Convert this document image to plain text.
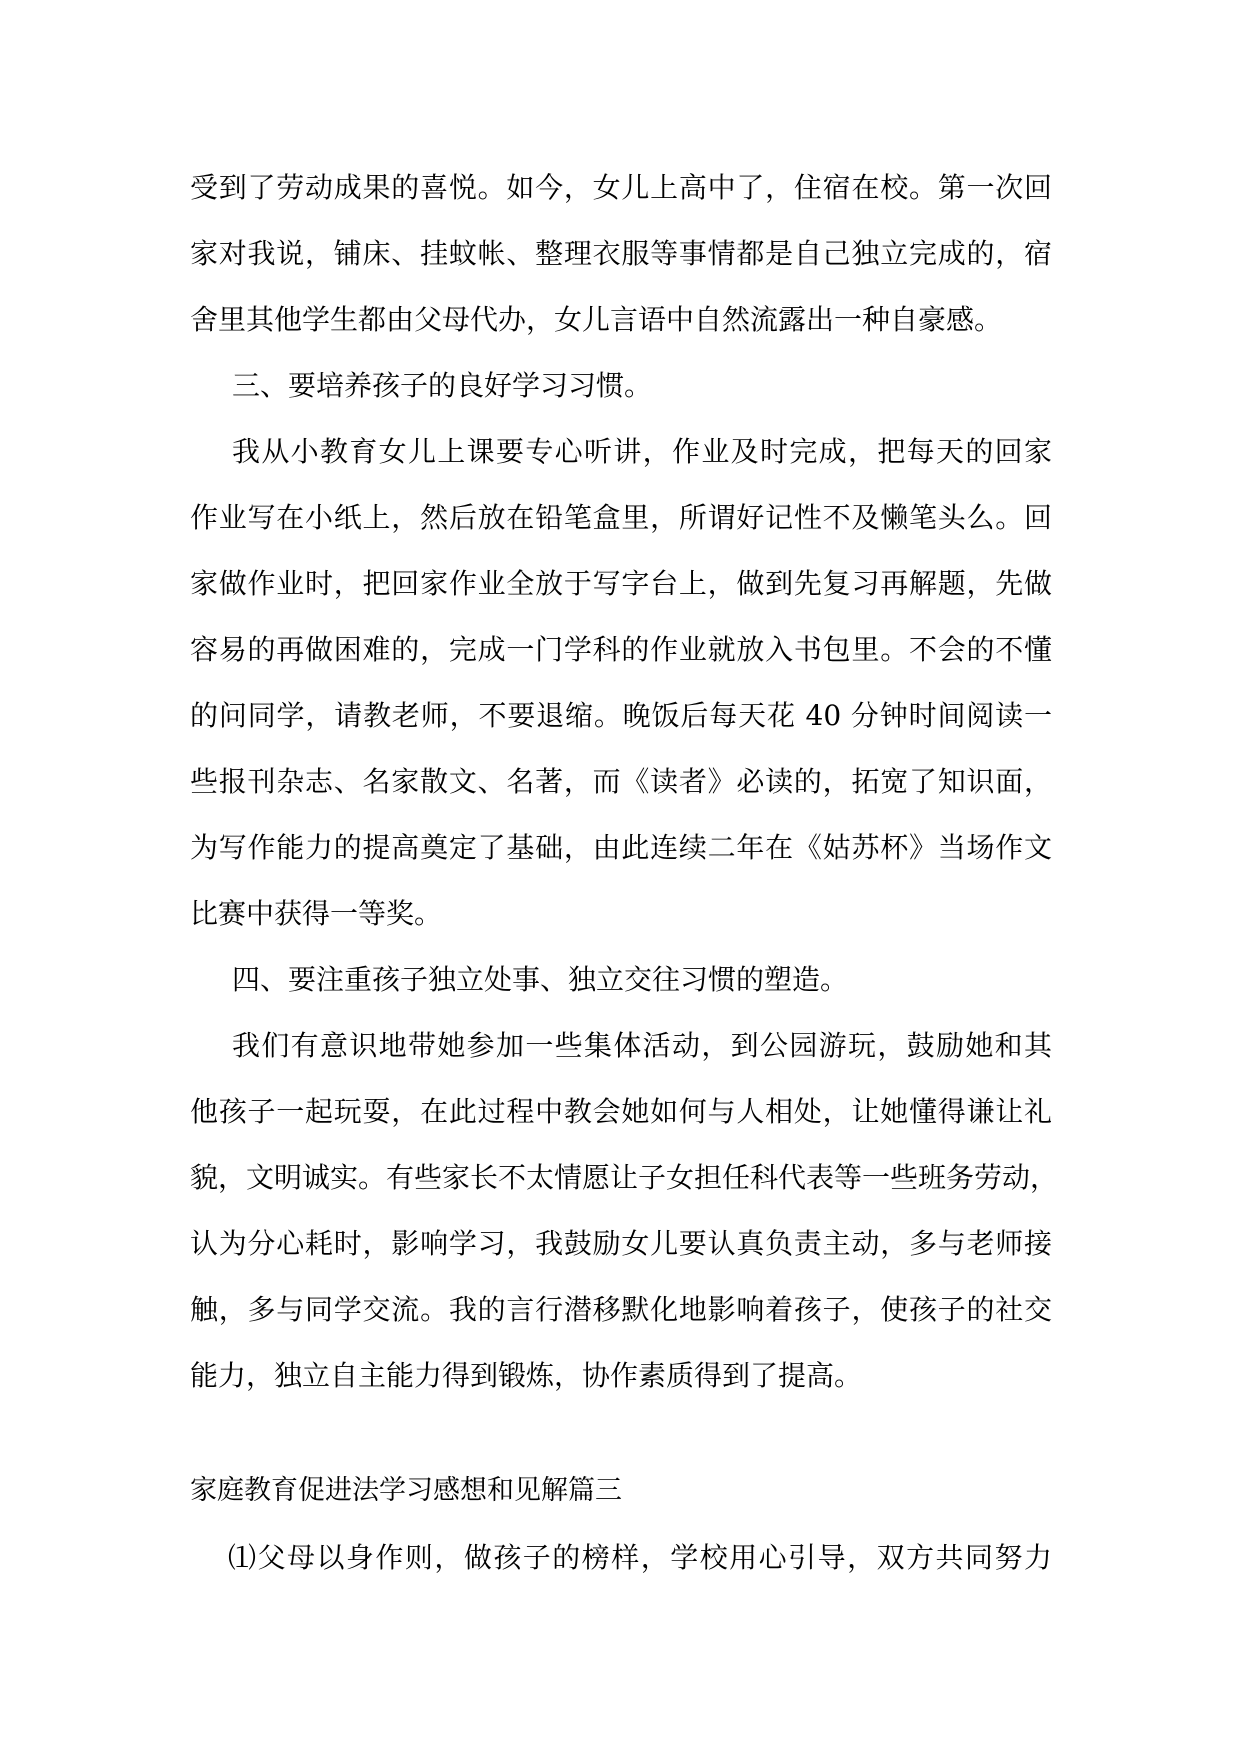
受到了劳动成果的喜悦。如今，女儿上高中了，住宿在校。第一次回
家对我说，铺床、挂蚊帐、整理衣服等事情都是自己独立完成的，宿
舍里其他学生都由父母代办，女儿言语中自然流露出一种自豪感。
三、要培养孩子的良好学习习惯。
我从小教育女儿上课要专心听讲，作业及时完成，把每天的回家
作业写在小纸上，然后放在铅笔盒里，所谓好记性不及懒笔头么。回
家做作业时，把回家作业全放于写字台上，做到先复习再解题，先做
容易的再做困难的，完成一门学科的作业就放入书包里。不会的不懂
的问同学，请教老师，不要退缩。晚饭后每天花 40 分钟时间阅读一
些报刊杂志、名家散文、名著，而《读者》必读的，拓宽了知识面，
为写作能力的提高奠定了基础，由此连续二年在《姑苏杯》当场作文
比赛中获得一等奖。
四、要注重孩子独立处事、独立交往习惯的塑造。
我们有意识地带她参加一些集体活动，到公园游玩，鼓励她和其
他孩子一起玩耍，在此过程中教会她如何与人相处，让她懂得谦让礼
貌，文明诚实。有些家长不太情愿让子女担任科代表等一些班务劳动，
认为分心耗时，影响学习，我鼓励女儿要认真负责主动，多与老师接
触，多与同学交流。我的言行潜移默化地影响着孩子，使孩子的社交
能力，独立自主能力得到锻炼，协作素质得到了提高。
家庭教育促进法学习感想和见解篇三
⑴父母以身作则，做孩子的榜样，学校用心引导，双方共同努力
